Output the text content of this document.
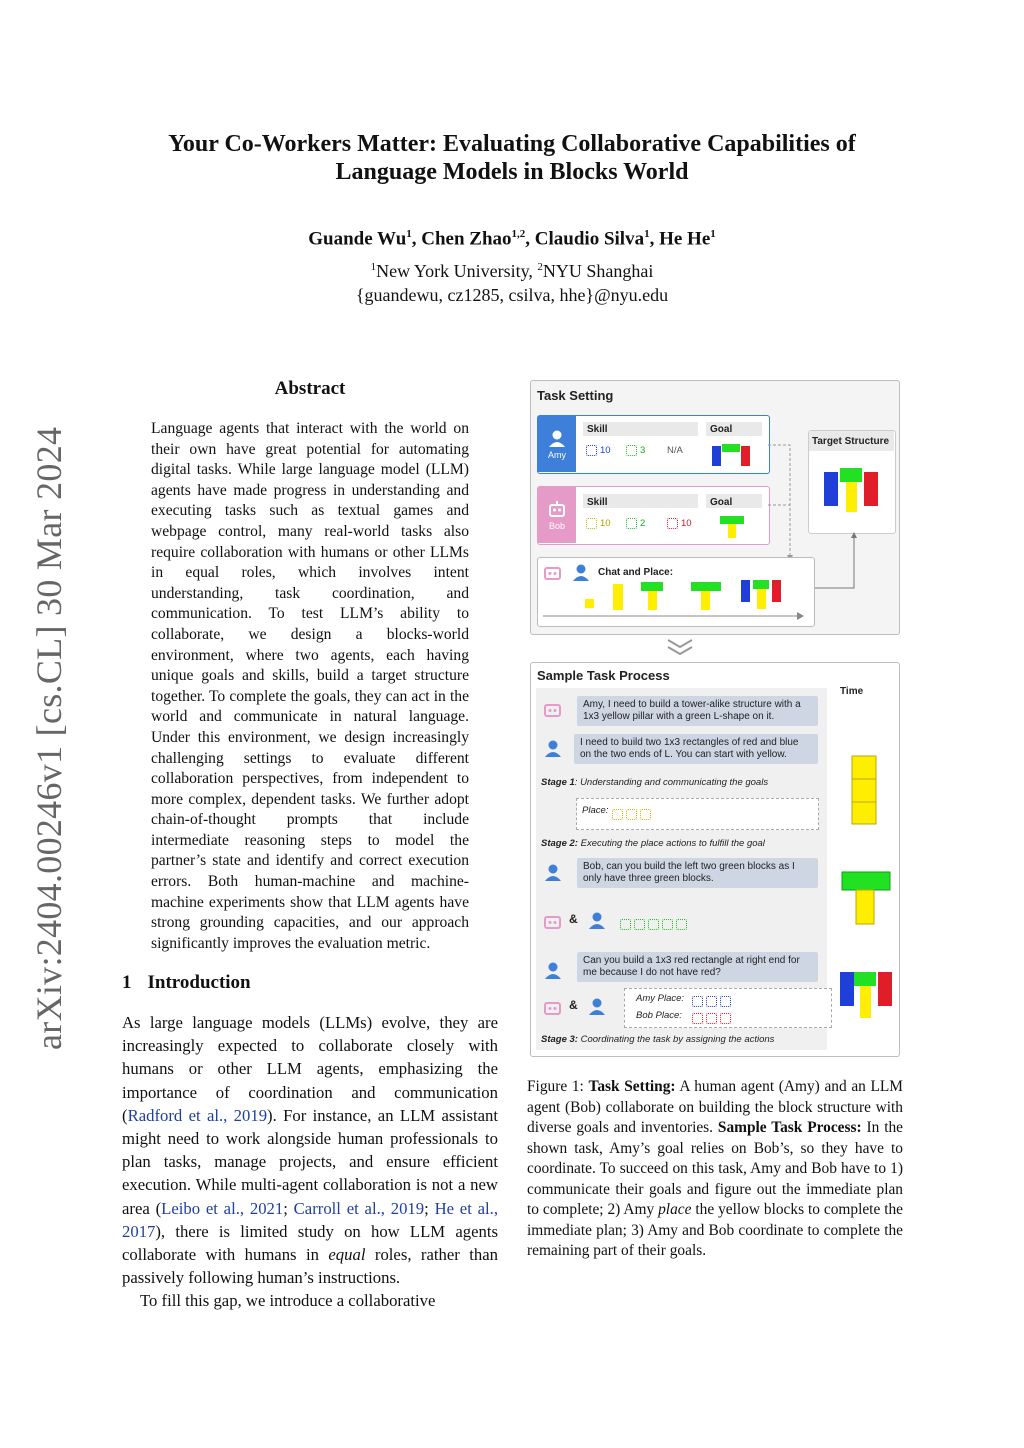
Your Co-Workers Matter: Evaluating Collaborative Capabilities of
Language Models in Blocks World
Guande Wu$^1$, Chen Zhao$^{1,2}$, Claudio Silva$^1$, He He$^1$
$^1$New York University, $^2$NYU Shanghai
{guandewu, cz1285, csilva, hhe}@nyu.edu
arXiv:2404.00246v1 [cs.CL] 30 Mar 2024
Abstract
Language agents that interact with the world on their own have great potential for automating digital tasks. While large language model (LLM) agents have made progress in understanding and executing tasks such as textual games and webpage control, many real-world tasks also require collaboration with humans or other LLMs in equal roles, which involves intent understanding, task coordination, and communication. To test LLM’s ability to collaborate, we design a blocks-world environment, where two agents, each having unique goals and skills, build a target structure together. To complete the goals, they can act in the world and communicate in natural language. Under this environment, we design increasingly challenging settings to evaluate different collaboration perspectives, from independent to more complex, dependent tasks. We further adopt chain-of-thought prompts that include intermediate reasoning steps to model the partner’s state and identify and correct execution errors. Both human-machine and machine-machine experiments show that LLM agents have strong grounding capacities, and our approach significantly improves the evaluation metric.
1 Introduction

As large language models (LLMs) evolve, they are increasingly expected to collaborate closely with humans or other LLM agents, emphasizing the importance of coordination and communication (Radford et al., 2019). For instance, an LLM assistant might need to work alongside human professionals to plan tasks, manage projects, and ensure efficient execution. While multi-agent collaboration is not a new area (Leibo et al., 2021; Carroll et al., 2019; He et al., 2017), there is limited study on how LLM agents collaborate with humans in equal roles, rather than passively following human’s instructions.

To fill this gap, we introduce a collaborative

Task Setting
Amy
Skill	Goal
10	3 N/A
Bob
Skill	Goal
10	2	10
Target Structure
Chat and Place:
Sample Task Process
Time
Amy, I need to build a tower-alike structure with a 1x3 yellow pillar with a green L-shape on it.
I need to build two 1x3 rectangles of red and blue on the two ends of L. You can start with yellow.
Stage 1: Understanding and communicating the goals
Place:
Stage 2: Executing the place actions to fulfill the goal
Bob, can you build the left two green blocks as I only have three green blocks.
&
Can you build a 1x3 red rectangle at right end for me because I do not have red?
&	Amy Place:
Bob Place:
Stage 3: Coordinating the task by assigning the actions
Figure 1: Task Setting: A human agent (Amy) and an LLM agent (Bob) collaborate on building the block structure with diverse goals and inventories. Sample Task Process: In the shown task, Amy’s goal relies on Bob’s, so they have to coordinate. To succeed on this task, Amy and Bob have to 1) communicate their goals and figure out the immediate plan to complete; 2) Amy place the yellow blocks to complete the immediate plan; 3) Amy and Bob coordinate to complete the remaining part of their goals.
